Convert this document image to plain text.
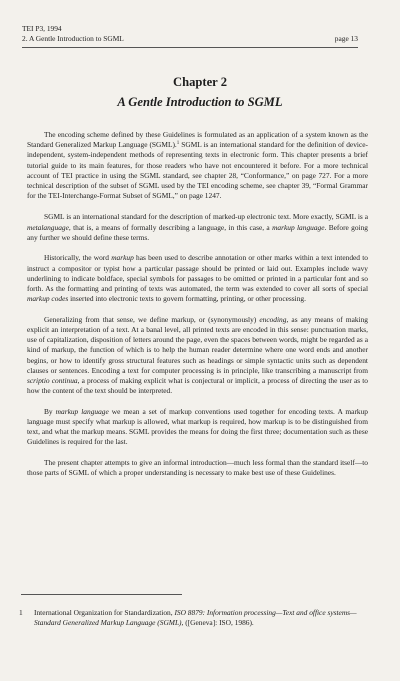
TEI P3, 1994
2. A Gentle Introduction to SGML	page 13
Chapter 2
A Gentle Introduction to SGML

The encoding scheme defined by these Guidelines is formulated as an application of a system known as the Standard Generalized Markup Language (SGML).$^1$ SGML is an international standard for the definition of device-independent, system-independent methods of representing texts in electronic form. This chapter presents a brief tutorial guide to its main features, for those readers who have not encountered it before. For a more technical account of TEI practice in using the SGML standard, see chapter 28, “Conformance,” on page 727. For a more technical description of the subset of SGML used by the TEI encoding scheme, see chapter 39, “Formal Grammar for the TEI-Interchange-Format Subset of SGML,” on page 1247.

SGML is an international standard for the description of marked-up electronic text. More exactly, SGML is a metalanguage, that is, a means of formally describing a language, in this case, a markup language. Before going any further we should define these terms.

Historically, the word markup has been used to describe annotation or other marks within a text intended to instruct a compositor or typist how a particular passage should be printed or laid out. Examples include wavy underlining to indicate boldface, special symbols for passages to be omitted or printed in a particular font and so forth. As the formatting and printing of texts was automated, the term was extended to cover all sorts of special markup codes inserted into electronic texts to govern formatting, printing, or other processing.

Generalizing from that sense, we define markup, or (synonymously) encoding, as any means of making explicit an interpretation of a text. At a banal level, all printed texts are encoded in this sense: punctuation marks, use of capitalization, disposition of letters around the page, even the spaces between words, might be regarded as a kind of markup, the function of which is to help the human reader determine where one word ends and another begins, or how to identify gross structural features such as headings or simple syntactic units such as dependent clauses or sentences. Encoding a text for computer processing is in principle, like transcribing a manuscript from scriptio continua, a process of making explicit what is conjectural or implicit, a process of directing the user as to how the content of the text should be interpreted.

By markup language we mean a set of markup conventions used together for encoding texts. A markup language must specify what markup is allowed, what markup is required, how markup is to be distinguished from text, and what the markup means. SGML provides the means for doing the first three; documentation such as these Guidelines is required for the last.

The present chapter attempts to give an informal introduction—much less formal than the standard itself—to those parts of SGML of which a proper understanding is necessary to make best use of these Guidelines.

1 International Organization for Standardization, ISO 8879: Information processing—Text and office systems—Standard Generalized Markup Language (SGML), ([Geneva]: ISO, 1986).
